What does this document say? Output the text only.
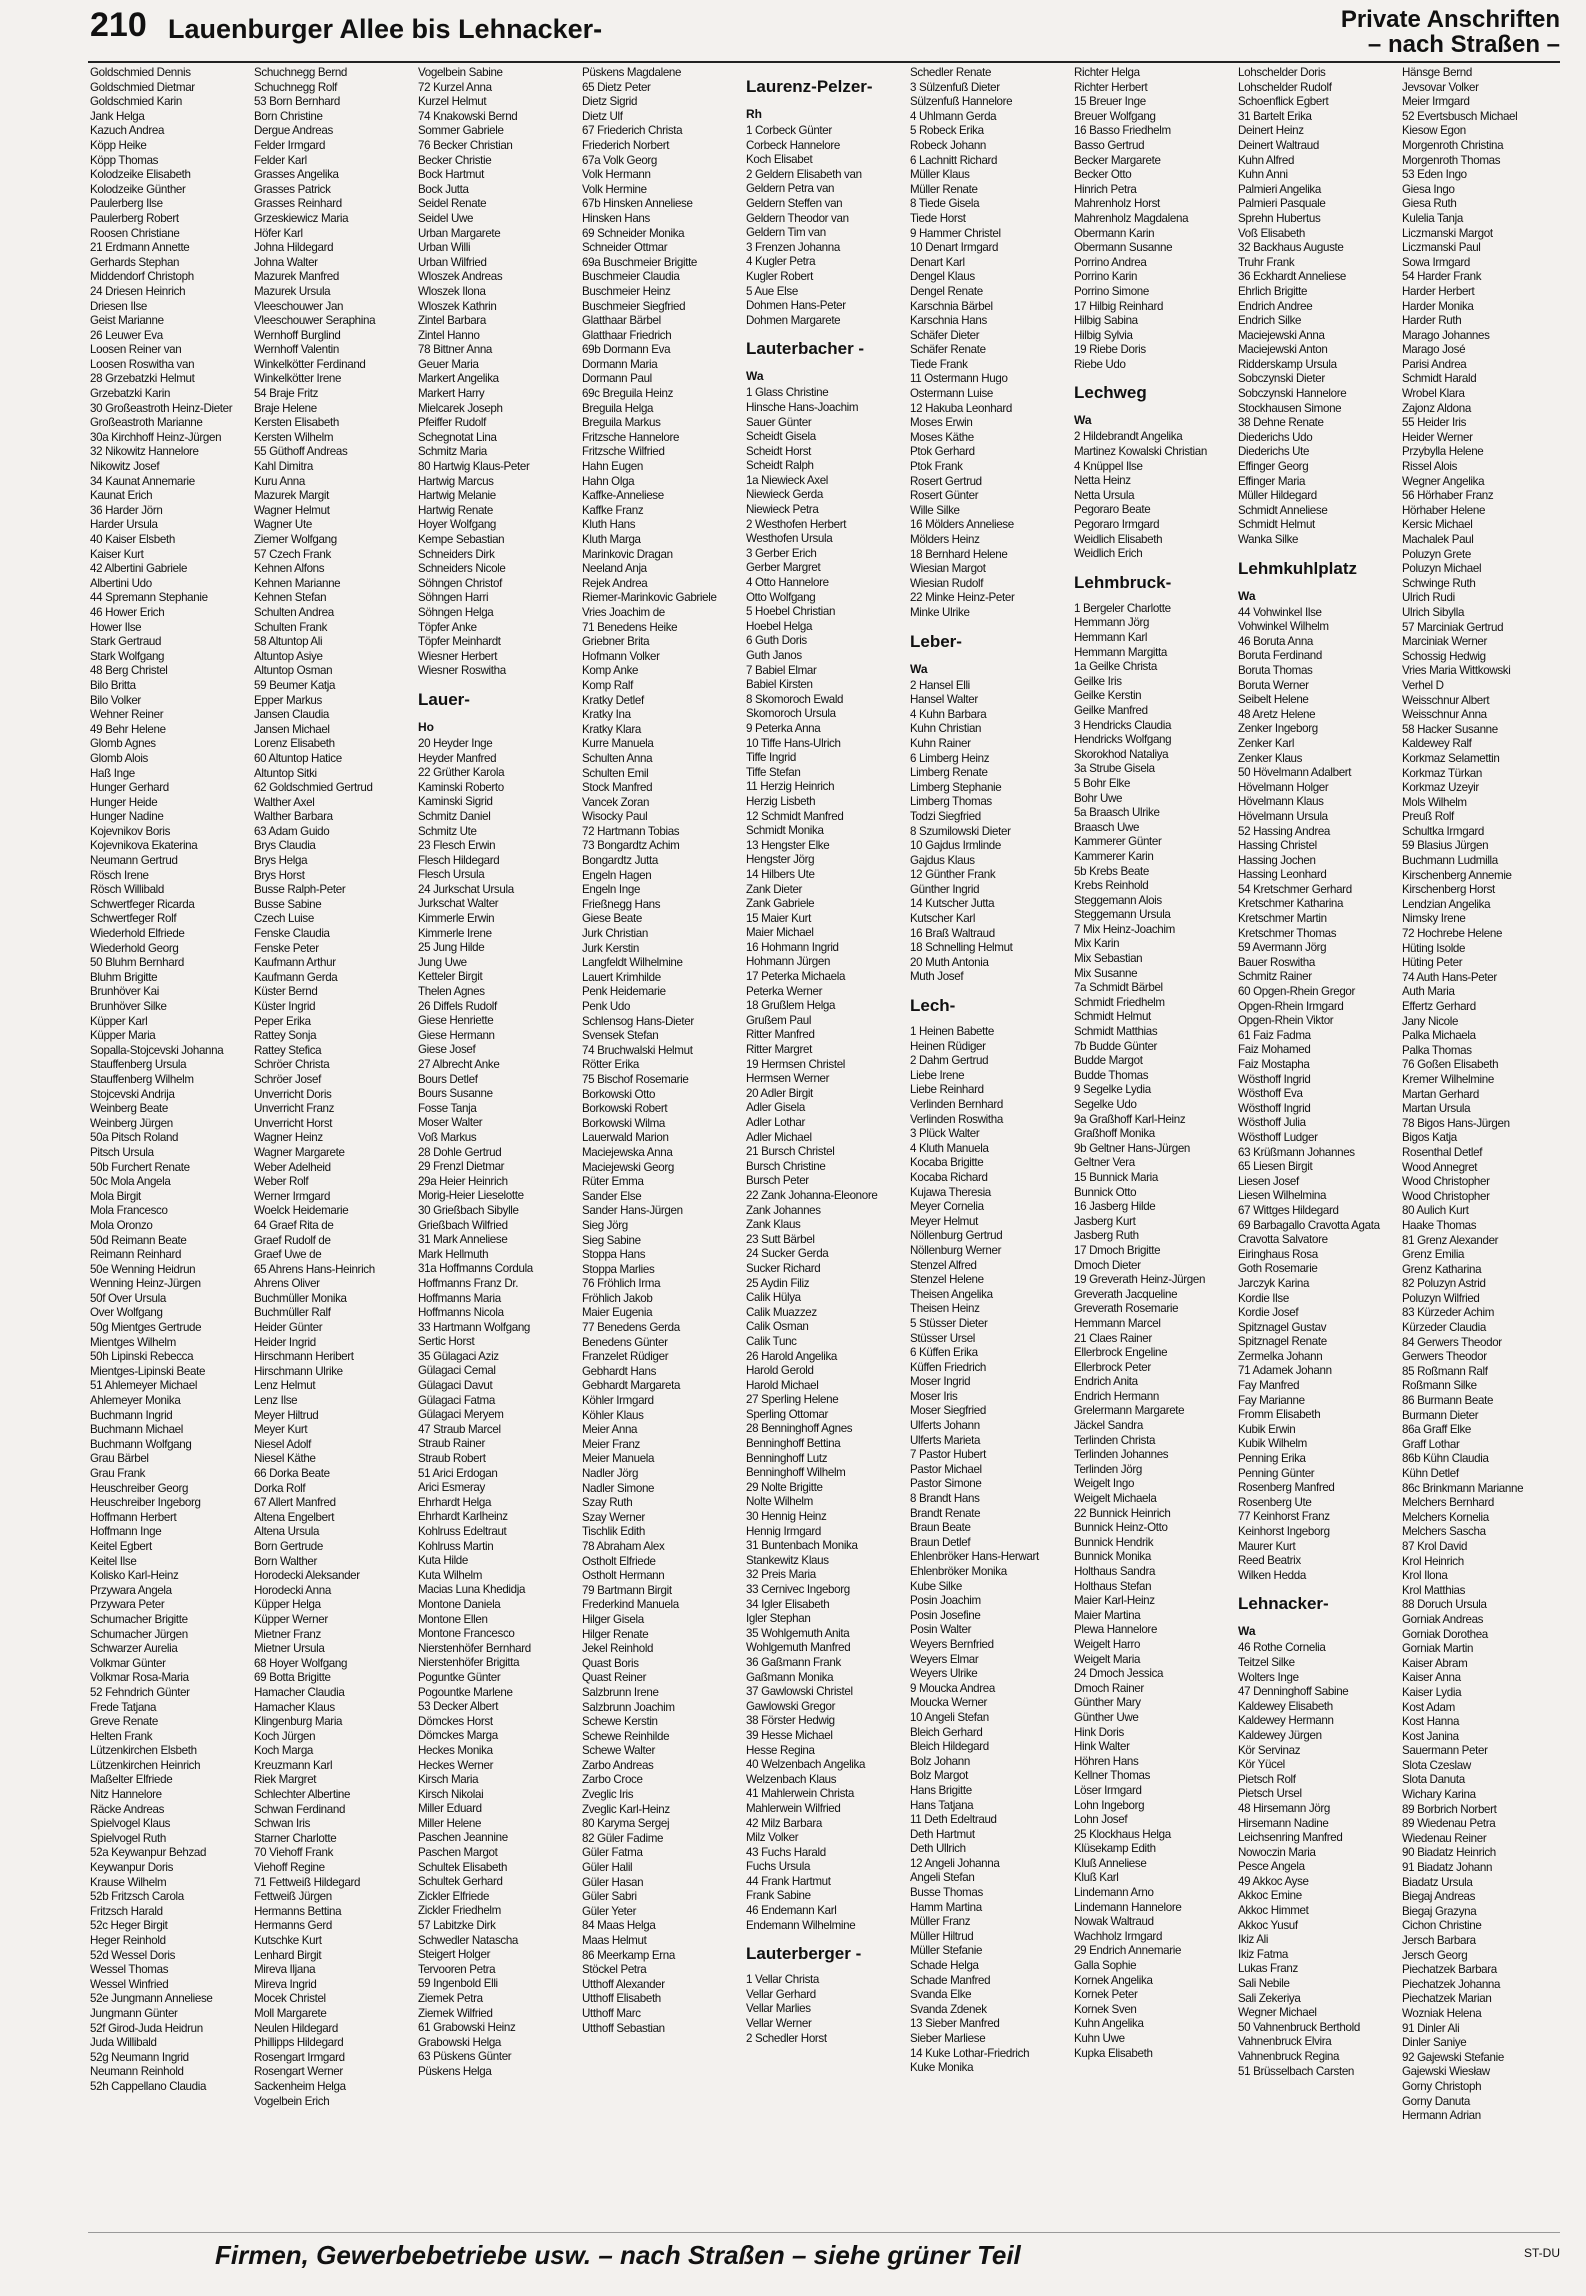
210 Lauenburger Allee bis Lehnacker-	Private Anschriften
– nach Straßen –
Goldschmied Dennis
Goldschmied Dietmar
Goldschmied Karin
Jank Helga
Kazuch Andrea
Köpp Heike
Köpp Thomas
Kolodzeike Elisabeth
Kolodzeike Günther
Paulerberg Ilse
Paulerberg Robert
Roosen Christiane
21 Erdmann Annette
Gerhards Stephan
Middendorf Christoph
24 Driesen Heinrich
Driesen Ilse
Geist Marianne
26 Leuwer Eva
Loosen Reiner van
Loosen Roswitha van
28 Grzebatzki Helmut
Grzebatzki Karin
30 Großeastroth Heinz-Dieter
Großeastroth Marianne
30a Kirchhoff Heinz-Jürgen
32 Nikowitz Hannelore
Nikowitz Josef
34 Kaunat Annemarie
Kaunat Erich
36 Harder Jörn
Harder Ursula
40 Kaiser Elsbeth
Kaiser Kurt
42 Albertini Gabriele
Albertini Udo
44 Spremann Stephanie
46 Hower Erich
Hower Ilse
Stark Gertraud
Stark Wolfgang
48 Berg Christel
Bilo Britta
Bilo Volker
Wehner Reiner
49 Behr Helene
Glomb Agnes
Glomb Alois
Haß Inge
Hunger Gerhard
Hunger Heide
Hunger Nadine
Kojevnikov Boris
Kojevnikova Ekaterina
Neumann Gertrud
Rösch Irene
Rösch Willibald
Schwertfeger Ricarda
Schwertfeger Rolf
Wiederhold Elfriede
Wiederhold Georg
50 Bluhm Bernhard
Bluhm Brigitte
Brunhöver Kai
Brunhöver Silke
Küpper Karl
Küpper Maria
Sopalla-Stojcevski Johanna
Stauffenberg Ursula
Stauffenberg Wilhelm
Stojcevski Andrija
Weinberg Beate
Weinberg Jürgen
50a Pitsch Roland
Pitsch Ursula
50b Furchert Renate
50c Mola Angela
Mola Birgit
Mola Francesco
Mola Oronzo
50d Reimann Beate
Reimann Reinhard
50e Wenning Heidrun
Wenning Heinz-Jürgen
50f Over Ursula
Over Wolfgang
50g Mientges Gertrude
Mientges Wilhelm
50h Lipinski Rebecca
Mientges-Lipinski Beate
51 Ahlemeyer Michael
Ahlemeyer Monika
Buchmann Ingrid
Buchmann Michael
Buchmann Wolfgang
Grau Bärbel
Grau Frank
Heuschreiber Georg
Heuschreiber Ingeborg
Hoffmann Herbert
Hoffmann Inge
Keitel Egbert
Keitel Ilse
Kolisko Karl-Heinz
Przywara Angela
Przywara Peter
Schumacher Brigitte
Schumacher Jürgen
Schwarzer Aurelia
Volkmar Günter
Volkmar Rosa-Maria
52 Fehndrich Günter
Frede Tatjana
Greve Renate
Helten Frank
Lützenkirchen Elsbeth
Lützenkirchen Heinrich
Maßelter Elfriede
Nitz Hannelore
Räcke Andreas
Spielvogel Klaus
Spielvogel Ruth
52a Keywanpur Behzad
Keywanpur Doris
Krause Wilhelm
52b Fritzsch Carola
Fritzsch Harald
52c Heger Birgit
Heger Reinhold
52d Wessel Doris
Wessel Thomas
Wessel Winfried
52e Jungmann Anneliese
Jungmann Günter
52f Girod-Juda Heidrun
Juda Willibald
52g Neumann Ingrid
Neumann Reinhold
52h Cappellano Claudia
Schuchnegg Bernd
Schuchnegg Rolf
53 Born Bernhard
Born Christine
Dergue Andreas
Felder Irmgard
Felder Karl
Grasses Angelika
Grasses Patrick
Grasses Reinhard
Grzeskiewicz Maria
Höfer Karl
Johna Hildegard
Johna Walter
Mazurek Manfred
Mazurek Ursula
Vleeschouwer Jan
Vleeschouwer Seraphina
Wernhoff Burglind
Wernhoff Valentin
Winkelkötter Ferdinand
Winkelkötter Irene
54 Braje Fritz
Braje Helene
Kersten Elisabeth
Kersten Wilhelm
55 Güthoff Andreas
Kahl Dimitra
Kuru Anna
Mazurek Margit
Wagner Helmut
Wagner Ute
Ziemer Wolfgang
57 Czech Frank
Kehnen Alfons
Kehnen Marianne
Kehnen Stefan
Schulten Andrea
Schulten Frank
58 Altuntop Ali
Altuntop Asiye
Altuntop Osman
59 Beumer Katja
Epper Markus
Jansen Claudia
Jansen Michael
Lorenz Elisabeth
60 Altuntop Hatice
Altuntop Sitki
62 Goldschmied Gertrud
Walther Axel
Walther Barbara
63 Adam Guido
Brys Claudia
Brys Helga
Brys Horst
Busse Ralph-Peter
Busse Sabine
Czech Luise
Fenske Claudia
Fenske Peter
Kaufmann Arthur
Kaufmann Gerda
Küster Bernd
Küster Ingrid
Peper Erika
Rattey Sonja
Rattey Stefica
Schröer Christa
Schröer Josef
Unverricht Doris
Unverricht Franz
Unverricht Horst
Wagner Heinz
Wagner Margarete
Weber Adelheid
Weber Rolf
Werner Irmgard
Woelck Heidemarie
64 Graef Rita de
Graef Rudolf de
Graef Uwe de
65 Ahrens Hans-Heinrich
Ahrens Oliver
Buchmüller Monika
Buchmüller Ralf
Heider Günter
Heider Ingrid
Hirschmann Heribert
Hirschmann Ulrike
Lenz Helmut
Lenz Ilse
Meyer Hiltrud
Meyer Kurt
Niesel Adolf
Niesel Käthe
66 Dorka Beate
Dorka Rolf
67 Allert Manfred
Altena Engelbert
Altena Ursula
Born Gertrude
Born Walther
Horodecki Aleksander
Horodecki Anna
Küpper Helga
Küpper Werner
Mietner Franz
Mietner Ursula
68 Hoyer Wolfgang
69 Botta Brigitte
Hamacher Claudia
Hamacher Klaus
Klingenburg Maria
Koch Jürgen
Koch Marga
Kreuzmann Karl
Riek Margret
Schlechter Albertine
Schwan Ferdinand
Schwan Iris
Starner Charlotte
70 Viehoff Frank
Viehoff Regine
71 Fettweiß Hildegard
Fettweiß Jürgen
Hermanns Bettina
Hermanns Gerd
Kutschke Kurt
Lenhard Birgit
Mireva Iljana
Mireva Ingrid
Mocek Christel
Moll Margarete
Neulen Hildegard
Phillipps Hildegard
Rosengart Irmgard
Rosengart Werner
Sackenheim Helga
Vogelbein Erich
Vogelbein Sabine
72 Kurzel Anna
Kurzel Helmut
74 Knakowski Bernd
Sommer Gabriele
76 Becker Christian
Becker Christie
Bock Hartmut
Bock Jutta
Seidel Renate
Seidel Uwe
Urban Margarete
Urban Willi
Urban Wilfried
Wloszek Andreas
Wloszek Ilona
Wloszek Kathrin
Zintel Barbara
Zintel Hanno
78 Bittner Anna
Geuer Maria
Markert Angelika
Markert Harry
Mielcarek Joseph
Pfeiffer Rudolf
Schegnotat Lina
Schmitz Maria
80 Hartwig Klaus-Peter
Hartwig Marcus
Hartwig Melanie
Hartwig Renate
Hoyer Wolfgang
Kempe Sebastian
Schneiders Dirk
Schneiders Nicole
Söhngen Christof
Söhngen Harri
Söhngen Helga
Töpfer Anke
Töpfer Meinhardt
Wiesner Herbert
Wiesner Roswitha
Lauer-
Ho
20 Heyder Inge
Heyder Manfred
22 Grüther Karola
Kaminski Roberto
Kaminski Sigrid
Schmitz Daniel
Schmitz Ute
23 Flesch Erwin
Flesch Hildegard
Flesch Ursula
24 Jurkschat Ursula
Jurkschat Walter
Kimmerle Erwin
Kimmerle Irene
25 Jung Hilde
Jung Uwe
Ketteler Birgit
Thelen Agnes
26 Diffels Rudolf
Giese Henriette
Giese Hermann
Giese Josef
27 Albrecht Anke
Bours Detlef
Bours Susanne
Fosse Tanja
Moser Walter
Voß Markus
28 Dohle Gertrud
29 Frenzl Dietmar
29a Heier Heinrich
Morig-Heier Lieselotte
30 Grießbach Sibylle
Grießbach Wilfried
31 Mark Anneliese
Mark Hellmuth
31a Hoffmanns Cordula
Hoffmanns Franz Dr.
Hoffmanns Maria
Hoffmanns Nicola
33 Hartmann Wolfgang
Sertic Horst
35 Gülagaci Aziz
Gülagaci Cemal
Gülagaci Davut
Gülagaci Fatma
Gülagaci Meryem
47 Straub Marcel
Straub Rainer
Straub Robert
51 Arici Erdogan
Arici Esmeray
Ehrhardt Helga
Ehrhardt Karlheinz
Kohlruss Edeltraut
Kohlruss Martin
Kuta Hilde
Kuta Wilhelm
Macias Luna Khedidja
Montone Daniela
Montone Ellen
Montone Francesco
Nierstenhöfer Bernhard
Nierstenhöfer Brigitta
Poguntke Günter
Pogountke Marlene
53 Decker Albert
Dömckes Horst
Dömckes Marga
Heckes Monika
Heckes Werner
Kirsch Maria
Kirsch Nikolai
Miller Eduard
Miller Helene
Paschen Jeannine
Paschen Margot
Schultek Elisabeth
Schultek Gerhard
Zickler Elfriede
Zickler Friedhelm
57 Labitzke Dirk
Schwedler Natascha
Steigert Holger
Tervooren Petra
59 Ingenbold Elli
Ziemek Petra
Ziemek Wilfried
61 Grabowski Heinz
Grabowski Helga
63 Püskens Günter
Püskens Helga
Püskens Magdalene
65 Dietz Peter
Dietz Sigrid
Dietz Ulf
67 Friederich Christa
Friederich Norbert
67a Volk Georg
Volk Hermann
Volk Hermine
67b Hinsken Anneliese
Hinsken Hans
69 Schneider Monika
Schneider Ottmar
69a Buschmeier Brigitte
Buschmeier Claudia
Buschmeier Heinz
Buschmeier Siegfried
Glatthaar Bärbel
Glatthaar Friedrich
69b Dormann Eva
Dormann Maria
Dormann Paul
69c Breguila Heinz
Breguila Helga
Breguila Markus
Fritzsche Hannelore
Fritzsche Wilfried
Hahn Eugen
Hahn Olga
Kaffke-Anneliese
Kaffke Franz
Kluth Hans
Kluth Marga
Marinkovic Dragan
Neeland Anja
Rejek Andrea
Riemer-Marinkovic Gabriele
Vries Joachim de
71 Benedens Heike
Griebner Brita
Hofmann Volker
Komp Anke
Komp Ralf
Kratky Detlef
Kratky Ina
Kratky Klara
Kurre Manuela
Schulten Anna
Schulten Emil
Stock Manfred
Vancek Zoran
Wisocky Paul
72 Hartmann Tobias
73 Bongardtz Achim
Bongardtz Jutta
Engeln Hagen
Engeln Inge
Frießnegg Hans
Giese Beate
Jurk Christian
Jurk Kerstin
Langfeldt Wilhelmine
Lauert Krimhilde
Penk Heidemarie
Penk Udo
Schlensog Hans-Dieter
Svensek Stefan
74 Bruchwalski Helmut
Rötter Erika
75 Bischof Rosemarie
Borkowski Otto
Borkowski Robert
Borkowski Wilma
Lauerwald Marion
Maciejewska Anna
Maciejewski Georg
Rüter Emma
Sander Else
Sander Hans-Jürgen
Sieg Jörg
Sieg Sabine
Stoppa Hans
Stoppa Marlies
76 Fröhlich Irma
Fröhlich Jakob
Maier Eugenia
77 Benedens Gerda
Benedens Günter
Franzelet Rüdiger
Gebhardt Hans
Gebhardt Margareta
Köhler Irmgard
Köhler Klaus
Meier Anna
Meier Franz
Meier Manuela
Nadler Jörg
Nadler Simone
Szay Ruth
Szay Werner
Tischlik Edith
78 Abraham Alex
Ostholt Elfriede
Ostholt Hermann
79 Bartmann Birgit
Frederkind Manuela
Hilger Gisela
Hilger Renate
Jekel Reinhold
Quast Boris
Quast Reiner
Salzbrunn Irene
Salzbrunn Joachim
Schewe Kerstin
Schewe Reinhilde
Schewe Walter
Zarbo Andreas
Zarbo Croce
Zveglic Iris
Zveglic Karl-Heinz
80 Karyma Sergej
82 Güler Fadime
Güler Fatma
Güler Halil
Güler Hasan
Güler Sabri
Güler Yeter
84 Maas Helga
Maas Helmut
86 Meerkamp Erna
Stöckel Petra
Utthoff Alexander
Utthoff Elisabeth
Utthoff Marc
Utthoff Sebastian
Laurenz-Pelzer-
Rh
1 Corbeck Günter
Corbeck Hannelore
Koch Elisabet
2 Geldern Elisabeth van
Geldern Petra van
Geldern Steffen van
Geldern Theodor van
Geldern Tim van
3 Frenzen Johanna
4 Kugler Petra
Kugler Robert
5 Aue Else
Dohmen Hans-Peter
Dohmen Margarete
Lauterbacher -
Wa
1 Glass Christine
Hinsche Hans-Joachim
Sauer Günter
Scheidt Gisela
Scheidt Horst
Scheidt Ralph
1a Niewieck Axel
Niewieck Gerda
Niewieck Petra
2 Westhofen Herbert
Westhofen Ursula
3 Gerber Erich
Gerber Margret
4 Otto Hannelore
Otto Wolfgang
5 Hoebel Christian
Hoebel Helga
6 Guth Doris
Guth Janos
7 Babiel Elmar
Babiel Kirsten
8 Skomoroch Ewald
Skomoroch Ursula
9 Peterka Anna
10 Tiffe Hans-Ulrich
Tiffe Ingrid
Tiffe Stefan
11 Herzig Heinrich
Herzig Lisbeth
12 Schmidt Manfred
Schmidt Monika
13 Hengster Elke
Hengster Jörg
14 Hilbers Ute
Zank Dieter
Zank Gabriele
15 Maier Kurt
Maier Michael
16 Hohmann Ingrid
Hohmann Jürgen
17 Peterka Michaela
Peterka Werner
18 Grußlem Helga
Grußem Paul
Ritter Manfred
Ritter Margret
19 Hermsen Christel
Hermsen Werner
20 Adler Birgit
Adler Gisela
Adler Lothar
Adler Michael
21 Bursch Christel
Bursch Christine
Bursch Peter
22 Zank Johanna-Eleonore
Zank Johannes
Zank Klaus
23 Sutt Bärbel
24 Sucker Gerda
Sucker Richard
25 Aydin Filiz
Calik Hülya
Calik Muazzez
Calik Osman
Calik Tunc
26 Harold Angelika
Harold Gerold
Harold Michael
27 Sperling Helene
Sperling Ottomar
28 Benninghoff Agnes
Benninghoff Bettina
Benninghoff Lutz
Benninghoff Wilhelm
29 Nolte Brigitte
Nolte Wilhelm
30 Hennig Heinz
Hennig Irmgard
31 Buntenbach Monika
Stankewitz Klaus
32 Preis Maria
33 Cernivec Ingeborg
34 Igler Elisabeth
Igler Stephan
35 Wohlgemuth Anita
Wohlgemuth Manfred
36 Gaßmann Frank
Gaßmann Monika
37 Gawlowski Christel
Gawlowski Gregor
38 Förster Hedwig
39 Hesse Michael
Hesse Regina
40 Welzenbach Angelika
Welzenbach Klaus
41 Mahlerwein Christa
Mahlerwein Wilfried
42 Milz Barbara
Milz Volker
43 Fuchs Harald
Fuchs Ursula
44 Frank Hartmut
Frank Sabine
46 Endemann Karl
Endemann Wilhelmine
Lauterberger -
1 Vellar Christa
Vellar Gerhard
Vellar Marlies
Vellar Werner
2 Schedler Horst
Schedler Renate
3 Sülzenfuß Dieter
Sülzenfuß Hannelore
4 Uhlmann Gerda
5 Robeck Erika
Robeck Johann
6 Lachnitt Richard
Müller Klaus
Müller Renate
8 Tiede Gisela
Tiede Horst
9 Hammer Christel
10 Denart Irmgard
Denart Karl
Dengel Klaus
Dengel Renate
Karschnia Bärbel
Karschnia Hans
Schäfer Dieter
Schäfer Renate
Tiede Frank
11 Ostermann Hugo
Ostermann Luise
12 Hakuba Leonhard
Moses Erwin
Moses Käthe
Ptok Gerhard
Ptok Frank
Rosert Gertrud
Rosert Günter
Wille Silke
16 Mölders Anneliese
Mölders Heinz
18 Bernhard Helene
Wiesian Margot
Wiesian Rudolf
22 Minke Heinz-Peter
Minke Ulrike
Leber-
Wa
2 Hansel Elli
Hansel Walter
4 Kuhn Barbara
Kuhn Christian
Kuhn Rainer
6 Limberg Heinz
Limberg Renate
Limberg Stephanie
Limberg Thomas
Todzi Siegfried
8 Szumilowski Dieter
10 Gajdus Irmlinde
Gajdus Klaus
12 Günther Frank
Günther Ingrid
14 Kutscher Jutta
Kutscher Karl
16 Braß Waltraud
18 Schnelling Helmut
20 Muth Antonia
Muth Josef
Lech-
1 Heinen Babette
Heinen Rüdiger
2 Dahm Gertrud
Liebe Irene
Liebe Reinhard
Verlinden Bernhard
Verlinden Roswitha
3 Plück Walter
4 Kluth Manuela
Kocaba Brigitte
Kocaba Richard
Kujawa Theresia
Meyer Cornelia
Meyer Helmut
Nöllenburg Gertrud
Nöllenburg Werner
Stenzel Alfred
Stenzel Helene
Theisen Angelika
Theisen Heinz
5 Stüsser Dieter
Stüsser Ursel
6 Küffen Erika
Küffen Friedrich
Moser Ingrid
Moser Iris
Moser Siegfried
Ulferts Johann
Ulferts Marieta
7 Pastor Hubert
Pastor Michael
Pastor Simone
8 Brandt Hans
Brandt Renate
Braun Beate
Braun Detlef
Ehlenbröker Hans-Herwart
Ehlenbröker Monika
Kube Silke
Posin Joachim
Posin Josefine
Posin Walter
Weyers Bernfried
Weyers Elmar
Weyers Ulrike
9 Moucka Andrea
Moucka Werner
10 Angeli Stefan
Bleich Gerhard
Bleich Hildegard
Bolz Johann
Bolz Margot
Hans Brigitte
Hans Tatjana
11 Deth Edeltraud
Deth Hartmut
Deth Ullrich
12 Angeli Johanna
Angeli Stefan
Busse Thomas
Hamm Martina
Müller Franz
Müller Hiltrud
Müller Stefanie
Schade Helga
Schade Manfred
Svanda Elke
Svanda Zdenek
13 Sieber Manfred
Sieber Marliese
14 Kuke Lothar-Friedrich
Kuke Monika
Richter Helga
Richter Herbert
15 Breuer Inge
Breuer Wolfgang
16 Basso Friedhelm
Basso Gertrud
Becker Margarete
Becker Otto
Hinrich Petra
Mahrenholz Horst
Mahrenholz Magdalena
Obermann Karin
Obermann Susanne
Porrino Andrea
Porrino Karin
Porrino Simone
17 Hilbig Reinhard
Hilbig Sabina
Hilbig Sylvia
19 Riebe Doris
Riebe Udo
Lechweg
Wa
2 Hildebrandt Angelika
Martinez Kowalski Christian
4 Knüppel Ilse
Netta Heinz
Netta Ursula
Pegoraro Beate
Pegoraro Irmgard
Weidlich Elisabeth
Weidlich Erich
Lehmbruck-
1 Bergeler Charlotte
Hemmann Jörg
Hemmann Karl
Hemmann Margitta
1a Geilke Christa
Geilke Iris
Geilke Kerstin
Geilke Manfred
3 Hendricks Claudia
Hendricks Wolfgang
Skorokhod Nataliya
3a Strube Gisela
5 Bohr Elke
Bohr Uwe
5a Braasch Ulrike
Braasch Uwe
Kammerer Günter
Kammerer Karin
5b Krebs Beate
Krebs Reinhold
Steggemann Alois
Steggemann Ursula
7 Mix Heinz-Joachim
Mix Karin
Mix Sebastian
Mix Susanne
7a Schmidt Bärbel
Schmidt Friedhelm
Schmidt Helmut
Schmidt Matthias
7b Budde Günter
Budde Margot
Budde Thomas
9 Segelke Lydia
Segelke Udo
9a Graßhoff Karl-Heinz
Graßhoff Monika
9b Geltner Hans-Jürgen
Geltner Vera
15 Bunnick Maria
Bunnick Otto
16 Jasberg Hilde
Jasberg Kurt
Jasberg Ruth
17 Dmoch Brigitte
Dmoch Dieter
19 Greverath Heinz-Jürgen
Greverath Jacqueline
Greverath Rosemarie
Hemmann Marcel
21 Claes Rainer
Ellerbrock Engeline
Ellerbrock Peter
Endrich Anita
Endrich Hermann
Grelermann Margarete
Jäckel Sandra
Terlinden Christa
Terlinden Johannes
Terlinden Jörg
Weigelt Ingo
Weigelt Michaela
22 Bunnick Heinrich
Bunnick Heinz-Otto
Bunnick Hendrik
Bunnick Monika
Holthaus Sandra
Holthaus Stefan
Maier Karl-Heinz
Maier Martina
Plewa Hannelore
Weigelt Harro
Weigelt Maria
24 Dmoch Jessica
Dmoch Rainer
Günther Mary
Günther Uwe
Hink Doris
Hink Walter
Höhren Hans
Kellner Thomas
Löser Irmgard
Lohn Ingeborg
Lohn Josef
25 Klockhaus Helga
Klüsekamp Edith
Kluß Anneliese
Kluß Karl
Lindemann Arno
Lindemann Hannelore
Nowak Waltraud
Wachholz Irmgard
29 Endrich Annemarie
Galla Sophie
Kornek Angelika
Kornek Peter
Kornek Sven
Kuhn Angelika
Kuhn Uwe
Kupka Elisabeth
Lohschelder Doris
Lohschelder Rudolf
Schoenflick Egbert
31 Bartelt Erika
Deinert Heinz
Deinert Waltraud
Kuhn Alfred
Kuhn Anni
Palmieri Angelika
Palmieri Pasquale
Sprehn Hubertus
Voß Elisabeth
32 Backhaus Auguste
Truhr Frank
36 Eckhardt Anneliese
Ehrlich Brigitte
Endrich Andree
Endrich Silke
Maciejewski Anna
Maciejewski Anton
Ridderskamp Ursula
Sobczynski Dieter
Sobczynski Hannelore
Stockhausen Simone
38 Dehne Renate
Diederichs Udo
Diederichs Ute
Effinger Georg
Effinger Maria
Müller Hildegard
Schmidt Anneliese
Schmidt Helmut
Wanka Silke
Lehmkuhlplatz
Wa
44 Vohwinkel Ilse
Vohwinkel Wilhelm
46 Boruta Anna
Boruta Ferdinand
Boruta Thomas
Boruta Werner
Seibelt Helene
48 Aretz Helene
Zenker Ingeborg
Zenker Karl
Zenker Klaus
50 Hövelmann Adalbert
Hövelmann Holger
Hövelmann Klaus
Hövelmann Ursula
52 Hassing Andrea
Hassing Christel
Hassing Jochen
Hassing Leonhard
54 Kretschmer Gerhard
Kretschmer Katharina
Kretschmer Martin
Kretschmer Thomas
59 Avermann Jörg
Bauer Roswitha
Schmitz Rainer
60 Opgen-Rhein Gregor
Opgen-Rhein Irmgard
Opgen-Rhein Viktor
61 Faiz Fadma
Faiz Mohamed
Faiz Mostapha
Wösthoff Ingrid
Wösthoff Eva
Wösthoff Ingrid
Wösthoff Julia
Wösthoff Ludger
63 Krüßmann Johannes
65 Liesen Birgit
Liesen Josef
Liesen Wilhelmina
67 Wittges Hildegard
69 Barbagallo Cravotta Agata
Cravotta Salvatore
Eiringhaus Rosa
Goth Rosemarie
Jarczyk Karina
Kordie Ilse
Kordie Josef
Spitznagel Gustav
Spitznagel Renate
Zermelka Johann
71 Adamek Johann
Fay Manfred
Fay Marianne
Fromm Elisabeth
Kubik Erwin
Kubik Wilhelm
Penning Erika
Penning Günter
Rosenberg Manfred
Rosenberg Ute
77 Keinhorst Franz
Keinhorst Ingeborg
Maurer Kurt
Reed Beatrix
Wilken Hedda
Lehnacker-
Wa
46 Rothe Cornelia
Teitzel Silke
Wolters Inge
47 Denninghoff Sabine
Kaldewey Elisabeth
Kaldewey Hermann
Kaldewey Jürgen
Kör Servinaz
Kör Yücel
Pietsch Rolf
Pietsch Ursel
48 Hirsemann Jörg
Hirsemann Nadine
Leichsenring Manfred
Nowoczin Maria
Pesce Angela
49 Akkoc Ayse
Akkoc Emine
Akkoc Himmet
Akkoc Yusuf
Ikiz Ali
Ikiz Fatma
Lukas Franz
Sali Nebile
Sali Zekeriya
Wegner Michael
50 Vahnenbruck Berthold
Vahnenbruck Elvira
Vahnenbruck Regina
51 Brüsselbach Carsten
Hänsge Bernd
Jevsovar Volker
Meier Irmgard
52 Evertsbusch Michael
Kiesow Egon
Morgenroth Christina
Morgenroth Thomas
53 Eden Ingo
Giesa Ingo
Giesa Ruth
Kulelia Tanja
Liczmanski Margot
Liczmanski Paul
Sowa Irmgard
54 Harder Frank
Harder Herbert
Harder Monika
Harder Ruth
Marago Johannes
Marago José
Parisi Andrea
Schmidt Harald
Wrobel Klara
Zajonz Aldona
55 Heider Iris
Heider Werner
Przybylla Helene
Rissel Alois
Wegner Angelika
56 Hörhaber Franz
Hörhaber Helene
Kersic Michael
Machalek Paul
Poluzyn Grete
Poluzyn Michael
Schwinge Ruth
Ulrich Rudi
Ulrich Sibylla
57 Marciniak Gertrud
Marciniak Werner
Schossig Hedwig
Vries Maria Wittkowski
Verhel D
Weisschnur Albert
Weisschnur Anna
58 Hacker Susanne
Kaldewey Ralf
Korkmaz Selamettin
Korkmaz Türkan
Korkmaz Uzeyir
Mols Wilhelm
Preuß Rolf
Schultka Irmgard
59 Blasius Jürgen
Buchmann Ludmilla
Kirschenberg Annemie
Kirschenberg Horst
Lendzian Angelika
Nimsky Irene
72 Hochrebe Helene
Hüting Isolde
Hüting Peter
74 Auth Hans-Peter
Auth Maria
Effertz Gerhard
Jany Nicole
Palka Michaela
Palka Thomas
76 Goßen Elisabeth
Kremer Wilhelmine
Martan Gerhard
Martan Ursula
78 Bigos Hans-Jürgen
Bigos Katja
Rosenthal Detlef
Wood Annegret
Wood Christopher
Wood Christopher
80 Aulich Kurt
Haake Thomas
81 Grenz Alexander
Grenz Emilia
Grenz Katharina
82 Poluzyn Astrid
Poluzyn Wilfried
83 Kürzeder Achim
Kürzeder Claudia
84 Gerwers Theodor
Gerwers Theodor
85 Roßmann Ralf
Roßmann Silke
86 Burmann Beate
Burmann Dieter
86a Graff Elke
Graff Lothar
86b Kühn Claudia
Kühn Detlef
86c Brinkmann Marianne
Melchers Bernhard
Melchers Kornelia
Melchers Sascha
87 Krol David
Krol Heinrich
Krol Ilona
Krol Matthias
88 Doruch Ursula
Gorniak Andreas
Gorniak Dorothea
Gorniak Martin
Kaiser Abram
Kaiser Anna
Kaiser Lydia
Kost Adam
Kost Hanna
Kost Janina
Sauermann Peter
Slota Czeslaw
Slota Danuta
Wichary Karina
89 Borbrich Norbert
89 Wiedenau Petra
Wiedenau Reiner
90 Biadatz Heinrich
91 Biadatz Johann
Biadatz Ursula
Biegaj Andreas
Biegaj Grazyna
Cichon Christine
Jersch Barbara
Jersch Georg
Piechatzek Barbara
Piechatzek Johanna
Piechatzek Marian
Wozniak Helena
91 Dinler Ali
Dinler Saniye
92 Gajewski Stefanie
Gajewski Wiesław
Gorny Christoph
Gorny Danuta
Hermann Adrian
Firmen, Gewerbebetriebe usw. – nach Straßen – siehe grüner Teil	ST-DU
